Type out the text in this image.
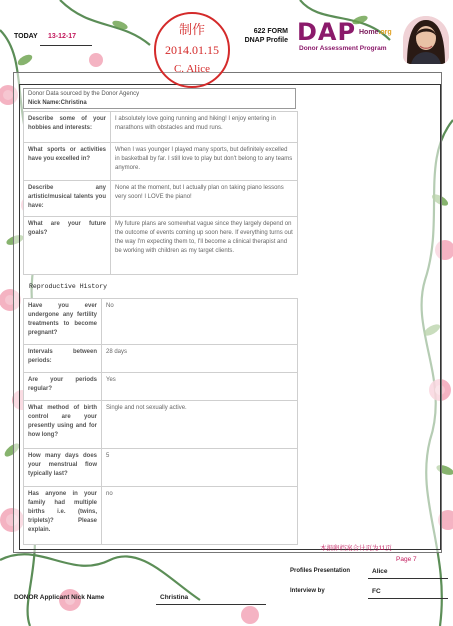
TODAY 13-12-17	制作
2014.01.15
C. Alice
622 FORM
DNAP Profile DAP Home.org
Donor Assessment Program
Donor Data sourced by the Donor Agency
Nick Name:Christina
Describe some of your hobbies and interests:	I absolutely love going running and hiking! I enjoy entering in marathons with obstacles and mud runs.
What sports or activities have you excelled in?	When I was younger I played many sports, but definitely excelled in basketball by far. I still love to play but don't belong to any teams anymore.
Describe any artistic/musical talents you have:	None at the moment, but I actually plan on taking piano lessons very soon! I LOVE the piano!
What are your future goals?	My future plans are somewhat vague since they largely depend on the outcome of events coming up soon here. If everything turns out the way I'm expecting them to, I'll become a clinical therapist and be working with children as my target clients.
Reproductive History
Have you ever undergone any fertility treatments to become pregnant?	No
Intervals between periods:	28 days
Are your periods regular?	Yes
What method of birth control are your presently using and for how long?	Single and not sexually active.
How many days does your menstrual flow typically last?	5
Has anyone in your family had multiple births i.e. (twins, triplets)? Please explain.	no
本捐卵档案合计页为11页
Page 7
Profiles Presentation	Alice
Interview by	FC
DONOR Applicant Nick Name	Christina
